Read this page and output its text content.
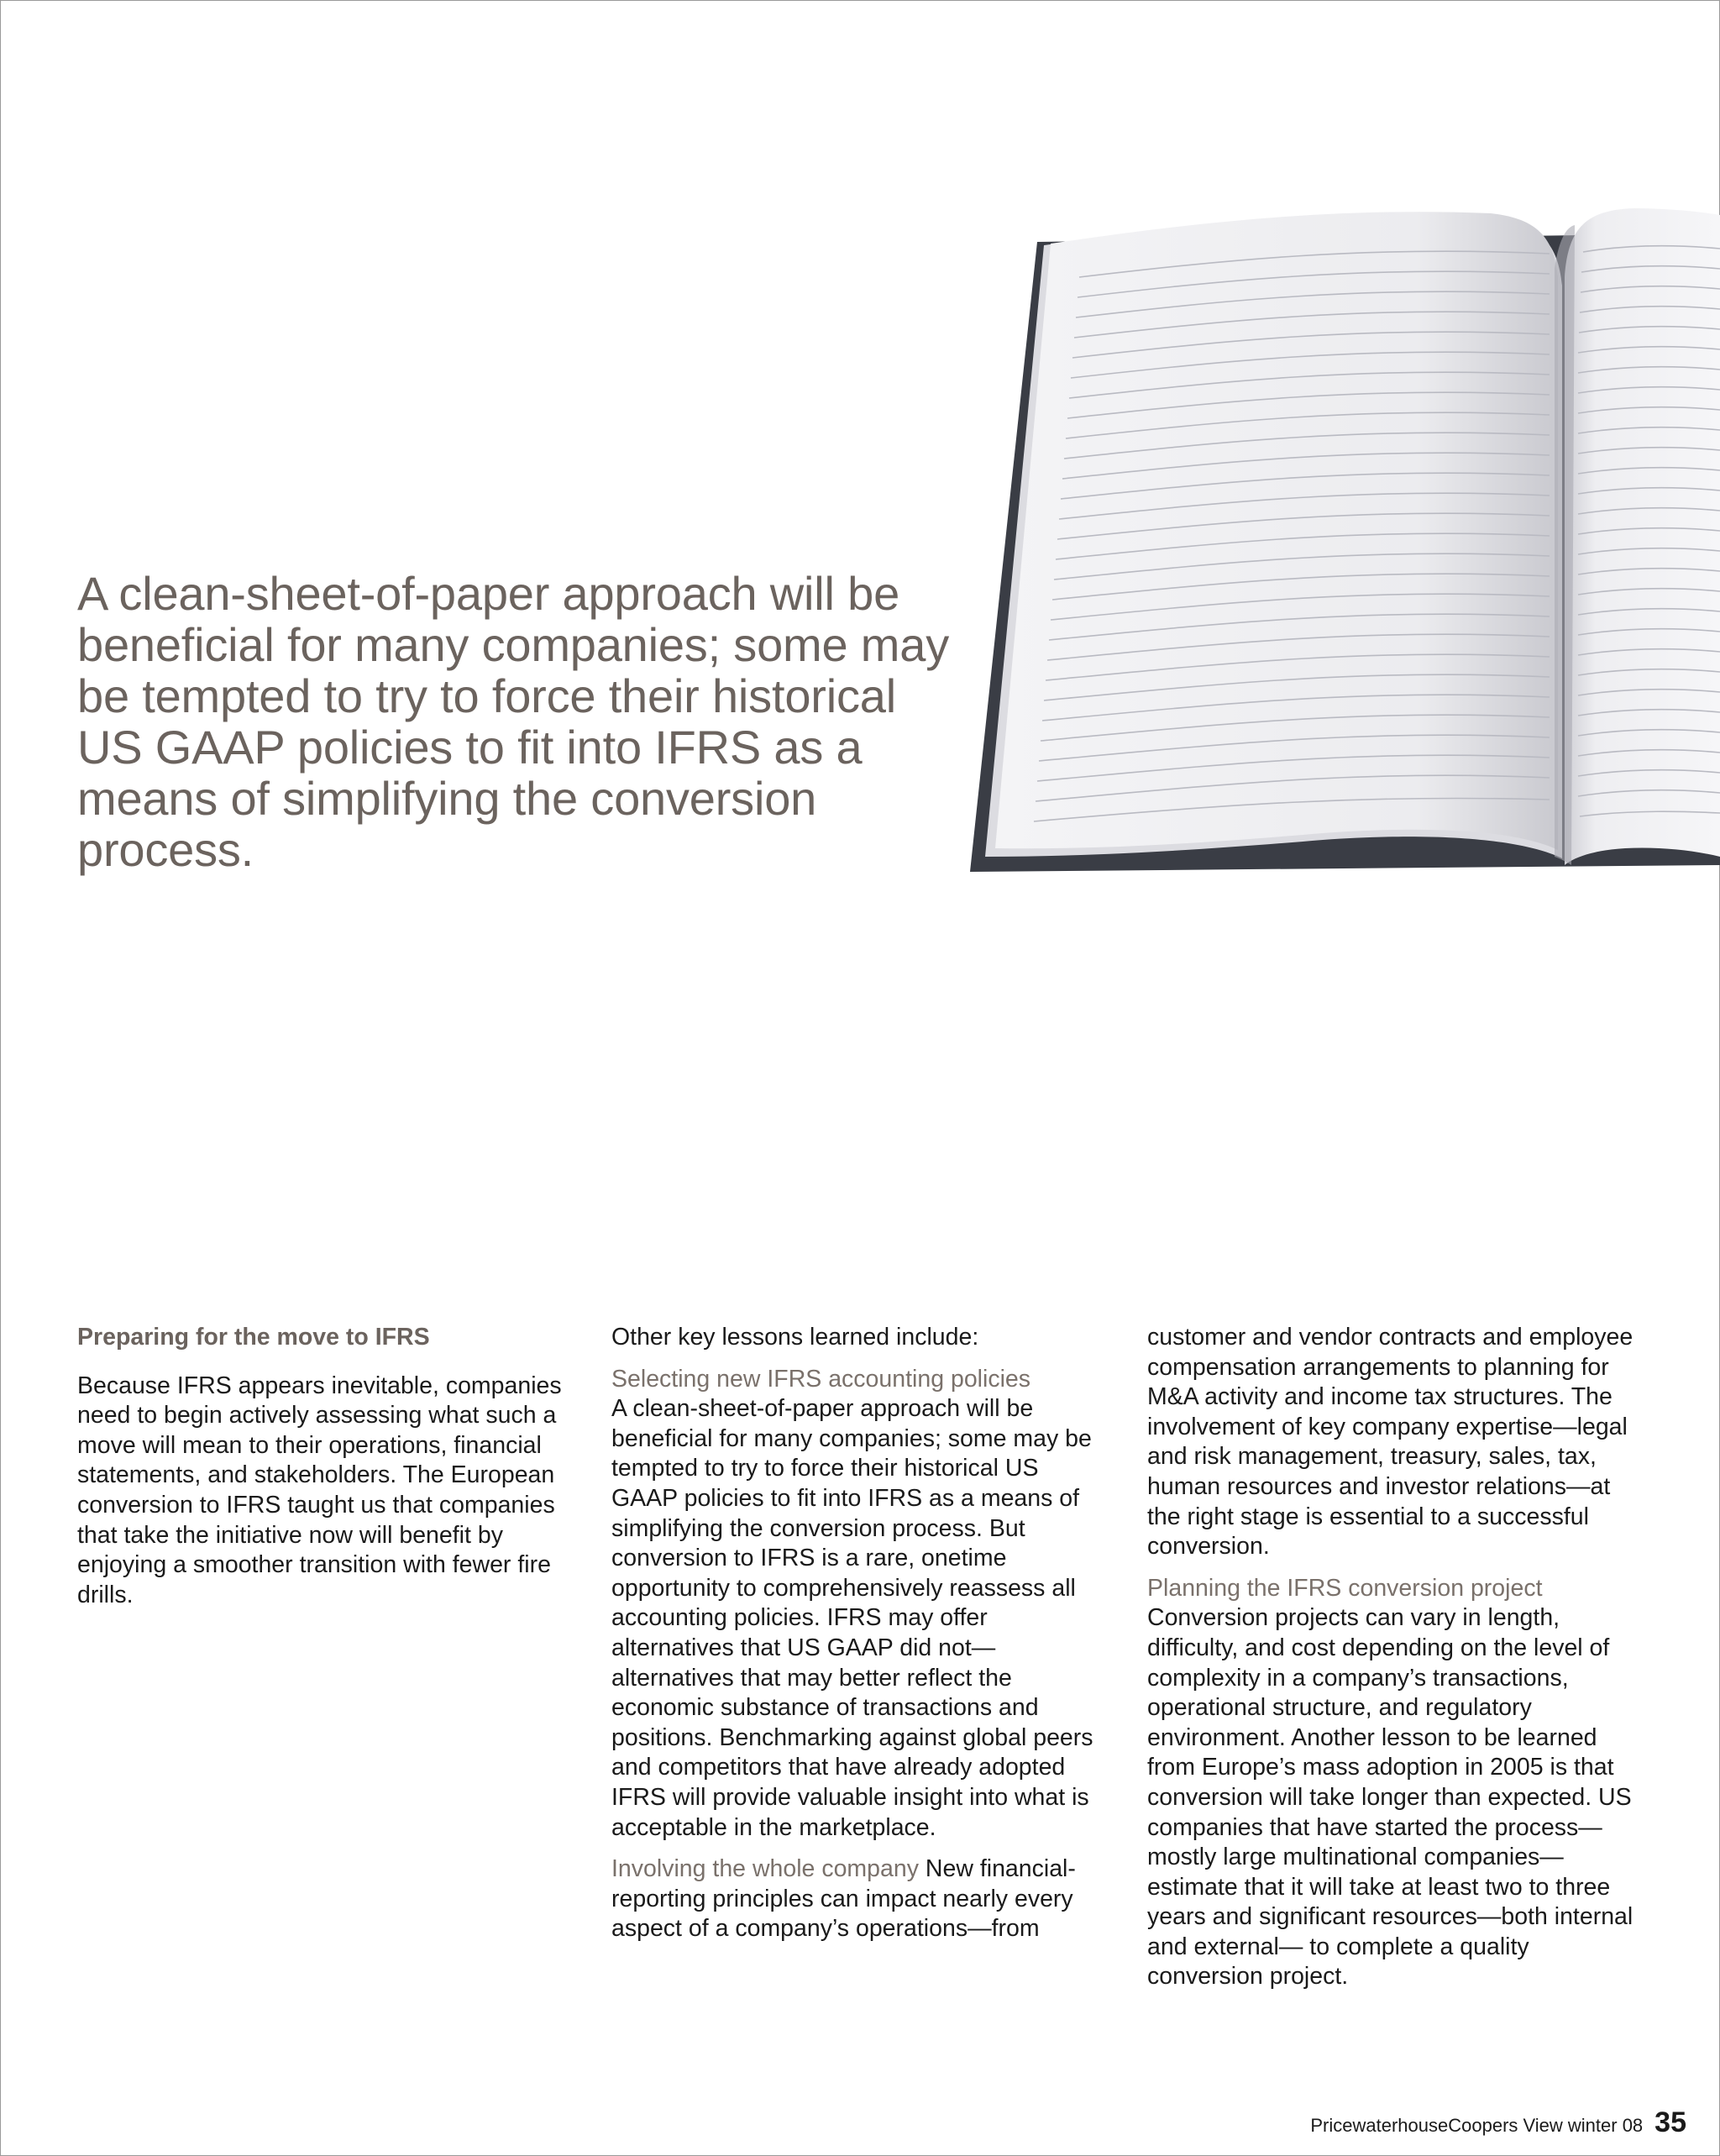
A clean-sheet-of-paper approach will be beneficial for many companies; some may be tempted to try to force their historical US GAAP policies to fit into IFRS as a means of simplifying the conversion process.

Preparing for the move to IFRS

Because IFRS appears inevitable, companies need to begin actively assessing what such a move will mean to their operations, financial statements, and stakeholders. The European conversion to IFRS taught us that companies that take the initiative now will benefit by enjoying a smoother transition with fewer fire drills.

Other key lessons learned include:

Selecting new IFRS accounting policies
A clean-sheet-of-paper approach will be beneficial for many companies; some may be tempted to try to force their historical US GAAP policies to fit into IFRS as a means of simplifying the conversion process. But conversion to IFRS is a rare, onetime opportunity to comprehensively reassess all accounting policies. IFRS may offer alternatives that US GAAP did not—alternatives that may better reflect the economic substance of transactions and positions. Benchmarking against global peers and competitors that have already adopted IFRS will provide valuable insight into what is acceptable in the marketplace.

Involving the whole company New financial-reporting principles can impact nearly every aspect of a company’s operations—from

customer and vendor contracts and employee compensation arrangements to planning for M&A activity and income tax structures. The involvement of key company expertise—legal and risk management, treasury, sales, tax, human resources and investor relations—at the right stage is essential to a successful conversion.

Planning the IFRS conversion project
Conversion projects can vary in length, difficulty, and cost depending on the level of complexity in a company’s transactions, operational structure, and regulatory environment. Another lesson to be learned from Europe’s mass adoption in 2005 is that conversion will take longer than expected. US companies that have started the process—mostly large multinational companies—estimate that it will take at least two to three years and significant resources—both internal and external— to complete a quality conversion project.

PricewaterhouseCoopers View winter 08 35
